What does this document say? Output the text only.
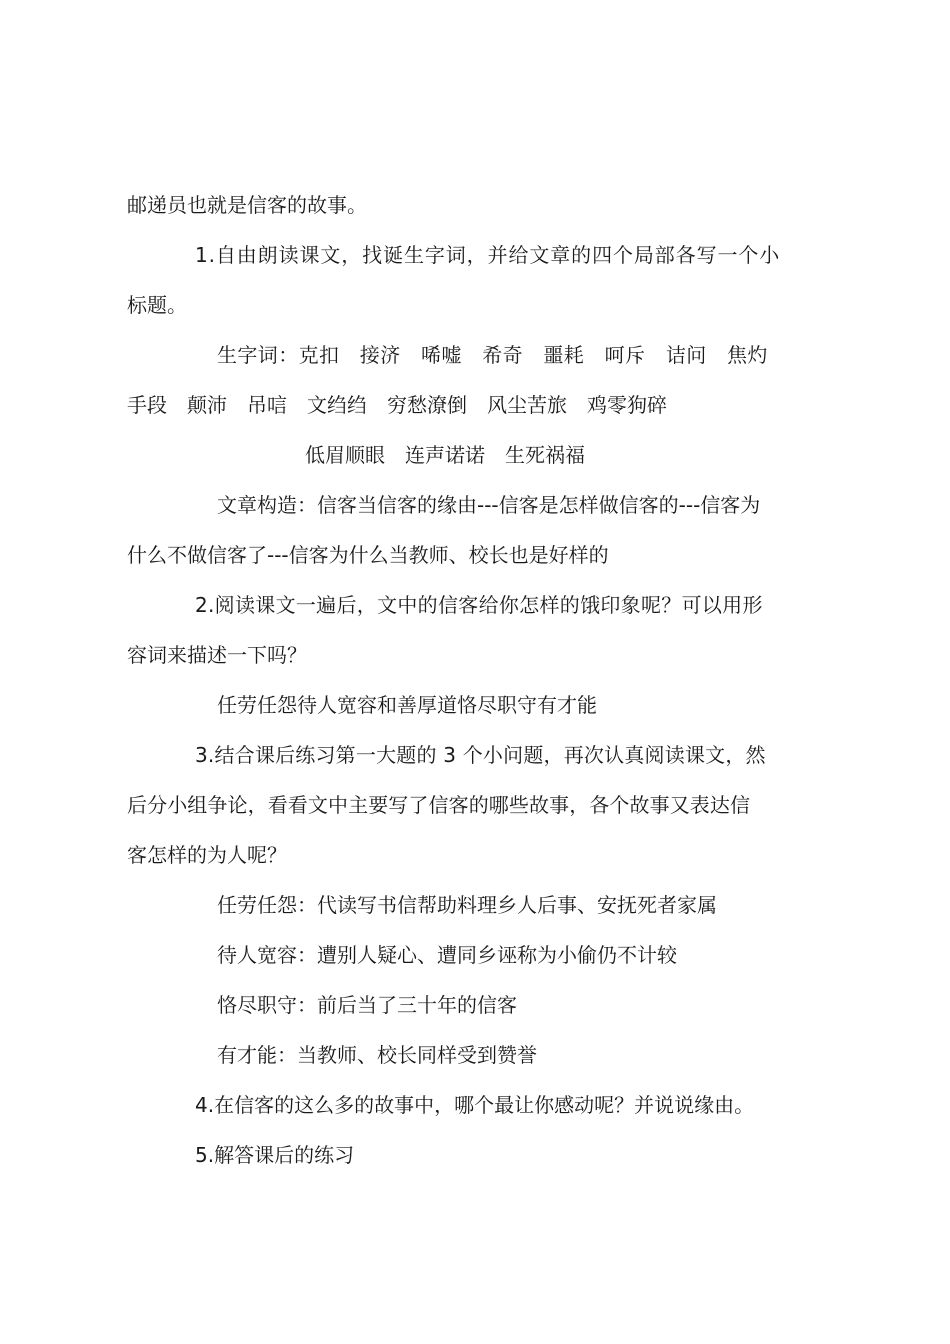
邮递员也就是信客的故事。
1.自由朗读课文，找诞生字词，并给文章的四个局部各写一个小
标题。
生字词：克扣　接济　唏嘘　希奇　噩耗　呵斥　诘问　焦灼
手段　颠沛　吊唁　文绉绉　穷愁潦倒　风尘苦旅　鸡零狗碎
低眉顺眼　连声诺诺　生死祸福
文章构造：信客当信客的缘由---信客是怎样做信客的---信客为
什么不做信客了---信客为什么当教师、校长也是好样的
2.阅读课文一遍后，文中的信客给你怎样的饿印象呢？可以用形
容词来描述一下吗？
任劳任怨待人宽容和善厚道恪尽职守有才能
3.结合课后练习第一大题的 3 个小问题，再次认真阅读课文，然
后分小组争论，看看文中主要写了信客的哪些故事，各个故事又表达信
客怎样的为人呢？
任劳任怨：代读写书信帮助料理乡人后事、安抚死者家属
待人宽容：遭别人疑心、遭同乡诬称为小偷仍不计较
恪尽职守：前后当了三十年的信客
有才能：当教师、校长同样受到赞誉
4.在信客的这么多的故事中，哪个最让你感动呢？并说说缘由。
5.解答课后的练习
